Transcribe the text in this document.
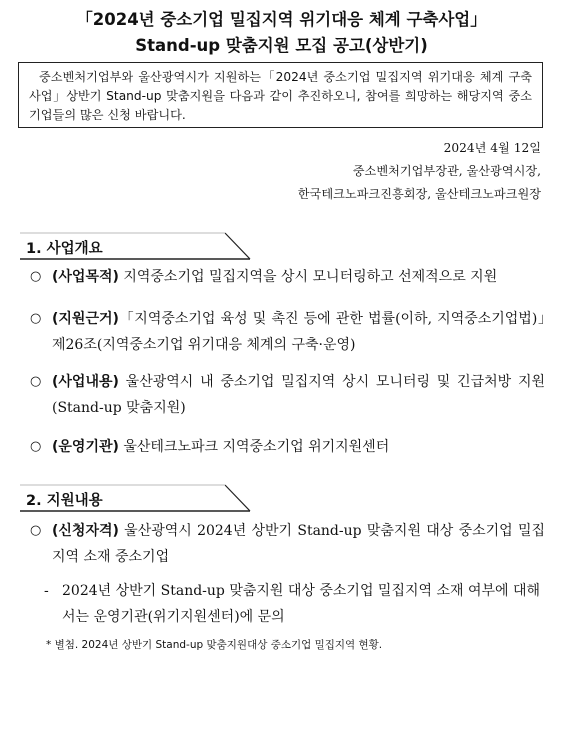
「2024년 중소기업 밀집지역 위기대응 체계 구축사업」
Stand-up 맞춤지원 모집 공고(상반기)
중소벤처기업부와 울산광역시가 지원하는「2024년 중소기업 밀집지역 위기대응 체계 구축사업」상반기 Stand-up 맞춤지원을 다음과 같이 추진하오니, 참여를 희망하는 해당지역 중소기업들의 많은 신청 바랍니다.
2024년 4월 12일
중소벤처기업부장관, 울산광역시장,
한국테크노파크진흥회장, 울산테크노파크원장
1. 사업개요
○ (사업목적) 지역중소기업 밀집지역을 상시 모니터링하고 선제적으로 지원
○ (지원근거)「지역중소기업 육성 및 촉진 등에 관한 법률(이하, 지역중소기업법)」제26조(지역중소기업 위기대응 체계의 구축·운영)
○ (사업내용) 울산광역시 내 중소기업 밀집지역 상시 모니터링 및 긴급처방 지원(Stand-up 맞춤지원)
○ (운영기관) 울산테크노파크 지역중소기업 위기지원센터
2. 지원내용
○ (신청자격) 울산광역시 2024년 상반기 Stand-up 맞춤지원 대상 중소기업 밀집지역 소재 중소기업
- 2024년 상반기 Stand-up 맞춤지원 대상 중소기업 밀집지역 소재 여부에 대해서는 운영기관(위기지원센터)에 문의
* 별첨. 2024년 상반기 Stand-up 맞춤지원대상 중소기업 밀집지역 현황.
